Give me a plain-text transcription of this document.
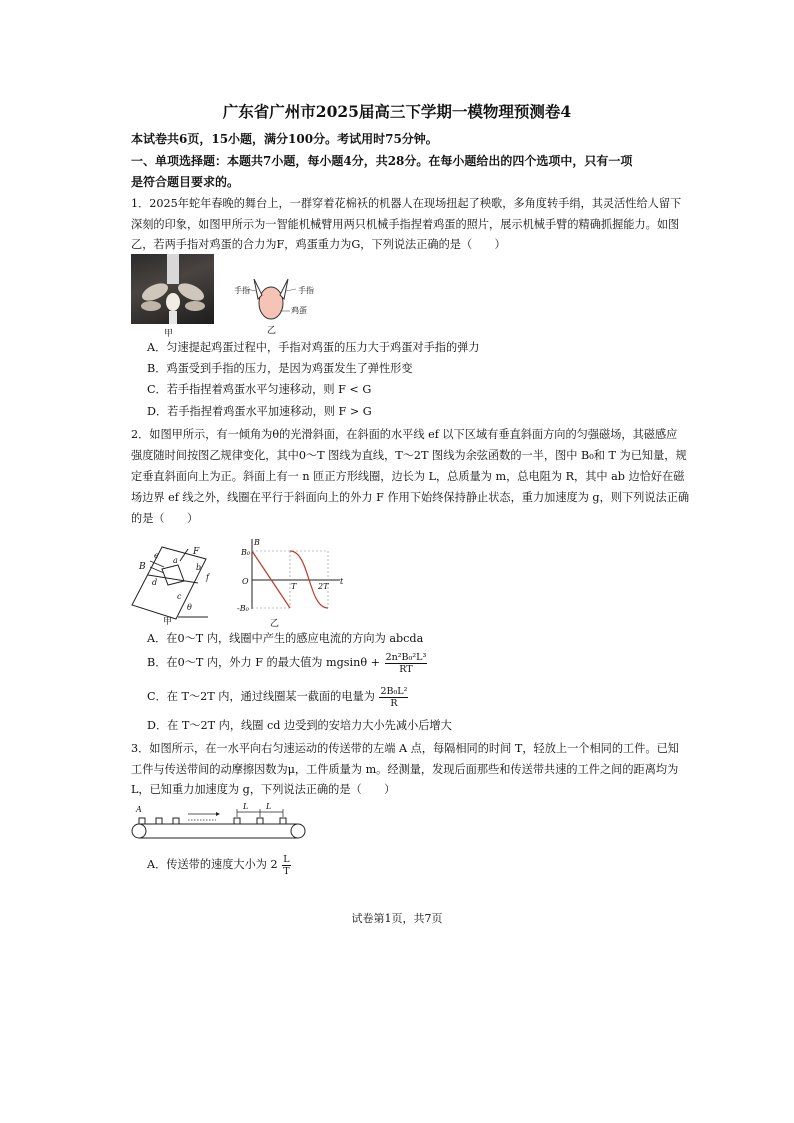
广东省广州市2025届高三下学期一模物理预测卷4
本试卷共6页，15小题，满分100分。考试用时75分钟。
一、单项选择题：本题共7小题，每小题4分，共28分。在每小题给出的四个选项中，只有一项
是符合题目要求的。
1．2025年蛇年春晚的舞台上，一群穿着花棉袄的机器人在现场扭起了秧歌，多角度转手绢，其灵活性给人留下
深刻的印象，如图甲所示为一智能机械臂用两只机械手指捏着鸡蛋的照片，展示机械手臂的精确抓握能力。如图
乙，若两手指对鸡蛋的合力为F，鸡蛋重力为G，下列说法正确的是（　　）
甲
手指	手指
鸡蛋
乙
A．匀速提起鸡蛋过程中，手指对鸡蛋的压力大于鸡蛋对手指的弹力
B．鸡蛋受到手指的压力，是因为鸡蛋发生了弹性形变
C．若手指捏着鸡蛋水平匀速移动，则 F < G
D．若手指捏着鸡蛋水平加速移动，则 F > G
2．如图甲所示，有一倾角为θ的光滑斜面，在斜面的水平线 ef 以下区域有垂直斜面方向的匀强磁场，其磁感应
强度随时间按图乙规律变化，其中0～T 图线为直线，T～2T 图线为余弦函数的一半，图中 B₀和 T 为已知量，规
定垂直斜面向上为正。斜面上有一 n 匝正方形线圈，边长为 L，总质量为 m，总电阻为 R，其中 ab 边恰好在磁
场边界 ef 线之外，线圈在平行于斜面向上的外力 F 作用下始终保持静止状态，重力加速度为 g，则下列说法正确
的是（　　）
F
B
e
a
b
f
d
c
θ
甲
B
t
B₀
O
-B₀
T	2T
乙
A．在0～T 内，线圈中产生的感应电流的方向为 abcda
B．在0～T 内，外力 F 的最大值为 $mgsin\theta + \frac{\text{2n²B₀²L³}}{RT}$
C．在 T～2T 内，通过线圈某一截面的电量为 $\frac{\text{2B₀L²}}{R}$
D．在 T～2T 内，线圈 cd 边受到的安培力大小先减小后增大
3．如图所示，在一水平向右匀速运动的传送带的左端 A 点，每隔相同的时间 T，轻放上一个相同的工件。已知
工件与传送带间的动摩擦因数为μ，工件质量为 m。经测量，发现后面那些和传送带共速的工件之间的距离均为
L，已知重力加速度为 g，下列说法正确的是（　　）
A	L L
A．传送带的速度大小为 $2 \frac{L}{T}$
试卷第1页，共7页
